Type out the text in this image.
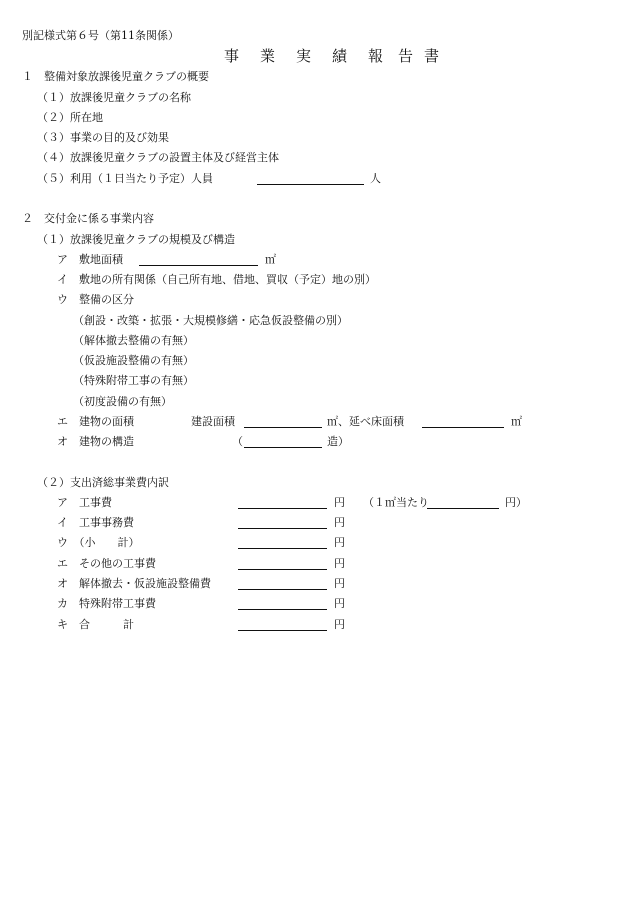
別記様式第６号（第11条関係）
事 業 実 績 報 告 書
１　整備対象放課後児童クラブの概要
（１）放課後児童クラブの名称
（２）所在地
（３）事業の目的及び効果
（４）放課後児童クラブの設置主体及び経営主体
（５）利用（１日当たり予定）人員	人
２　交付金に係る事業内容
（１）放課後児童クラブの規模及び構造
ア　敷地面積	㎡
イ　敷地の所有関係（自己所有地、借地、買収（予定）地の別）
ウ　整備の区分
（創設・改築・拡張・大規模修繕・応急仮設整備の別）
（解体撤去整備の有無）
（仮設施設整備の有無）
（特殊附帯工事の有無）
（初度設備の有無）
エ　建物の面積	建設面積	㎡、延べ床面積	㎡
オ　建物の構造	（	造）
（２）支出済総事業費内訳
ア　工事費	円 （１㎡当たり	円）
イ　工事事務費	円
ウ　（小　　計）	円
エ　その他の工事費	円
オ　解体撤去・仮設施設整備費	円
カ　特殊附帯工事費	円
キ　合　　　計	円
